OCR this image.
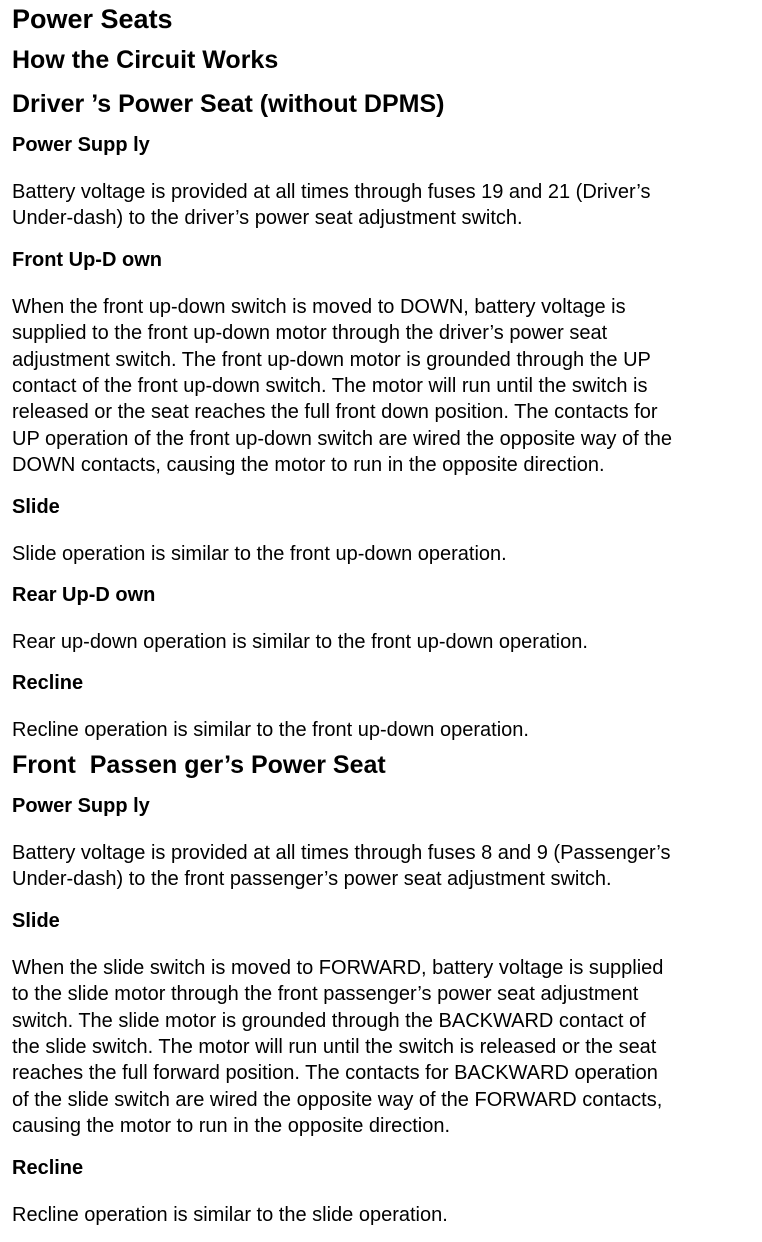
Power Seats
How the Circuit Works
Driver ’s Power Seat (without DPMS)
Power Supp ly

Battery voltage is provided at all times through fuses 19 and 21 (Driver’s
Under-dash) to the driver’s power seat adjustment switch.

Front Up-D own

When the front up-down switch is moved to DOWN, battery voltage is
supplied to the front up-down motor through the driver’s power seat
adjustment switch. The front up-down motor is grounded through the UP
contact of the front up-down switch. The motor will run until the switch is
released or the seat reaches the full front down position. The contacts for
UP operation of the front up-down switch are wired the opposite way of the
DOWN contacts, causing the motor to run in the opposite direction.

Slide

Slide operation is similar to the front up-down operation.

Rear Up-D own

Rear up-down operation is similar to the front up-down operation.

Recline

Recline operation is similar to the front up-down operation.

Front  Passen ger’s Power Seat
Power Supp ly

Battery voltage is provided at all times through fuses 8 and 9 (Passenger’s
Under-dash) to the front passenger’s power seat adjustment switch.

Slide

When the slide switch is moved to FORWARD, battery voltage is supplied
to the slide motor through the front passenger’s power seat adjustment
switch. The slide motor is grounded through the BACKWARD contact of
the slide switch. The motor will run until the switch is released or the seat
reaches the full forward position. The contacts for BACKWARD operation
of the slide switch are wired the opposite way of the FORWARD contacts,
causing the motor to run in the opposite direction.

Recline

Recline operation is similar to the slide operation.
